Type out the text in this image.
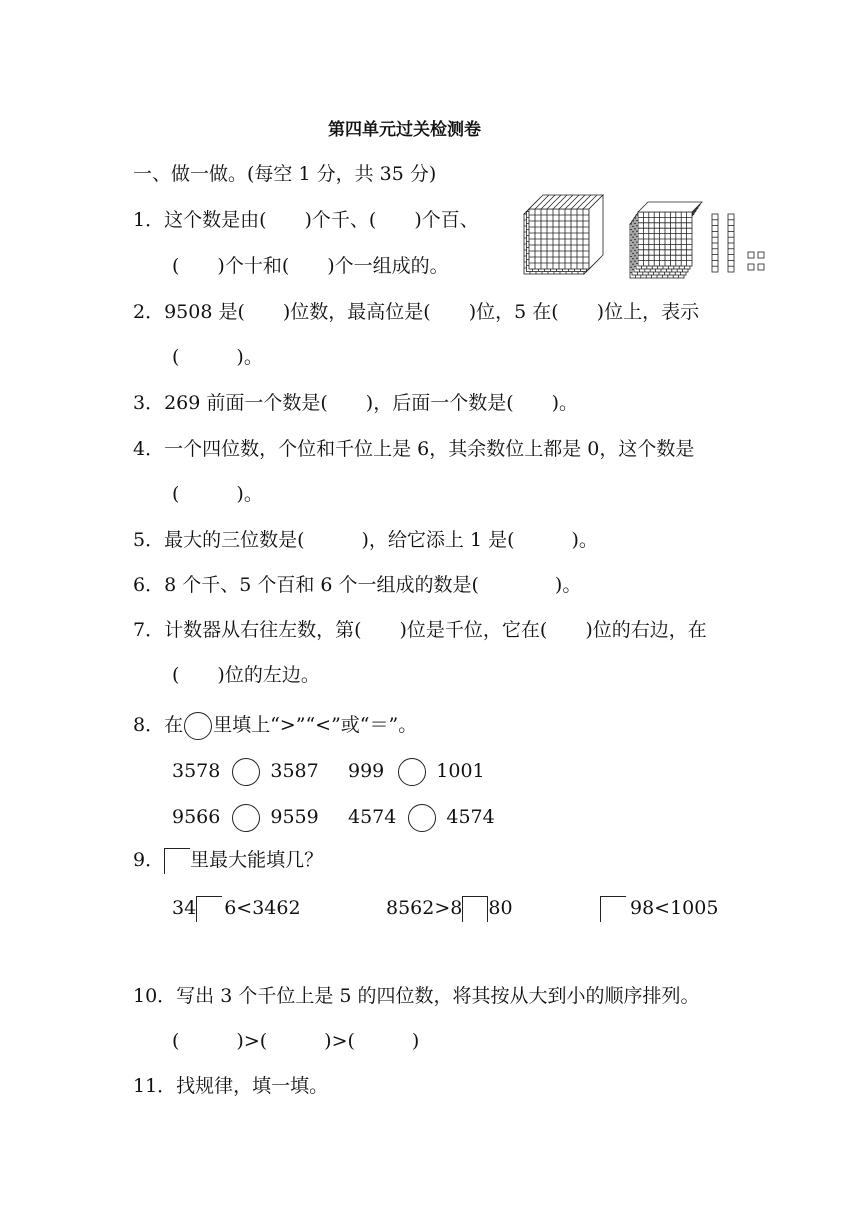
第四单元过关检测卷
一、做一做。(每空 1 分，共 35 分)
1．这个数是由(　　)个千、(　　)个百、
(　　)个十和(　　)个一组成的。
2．9508 是(　　)位数，最高位是(　　)位，5 在(　　)位上，表示
(　　　)。
3．269 前面一个数是(　　)，后面一个数是(　　)。
4．一个四位数，个位和千位上是 6，其余数位上都是 0，这个数是
(　　　)。
5．最大的三位数是(　　　)，给它添上 1 是(　　　)。
6．8 个千、5 个百和 6 个一组成的数是(　　　　)。
7．计数器从右往左数，第(　　)位是千位，它在(　　)位的右边，在
(　　)位的左边。
8．在 里填上“>”“<”或“＝”。
3578	3587 999	1001
9566	9559 4574	4574
9． 里最大能填几？
34 6<3462	8562>8 80	98<1005
10．写出 3 个千位上是 5 的四位数，将其按从大到小的顺序排列。
(　　　)>(　　　)>(　　　)
11．找规律，填一填。
